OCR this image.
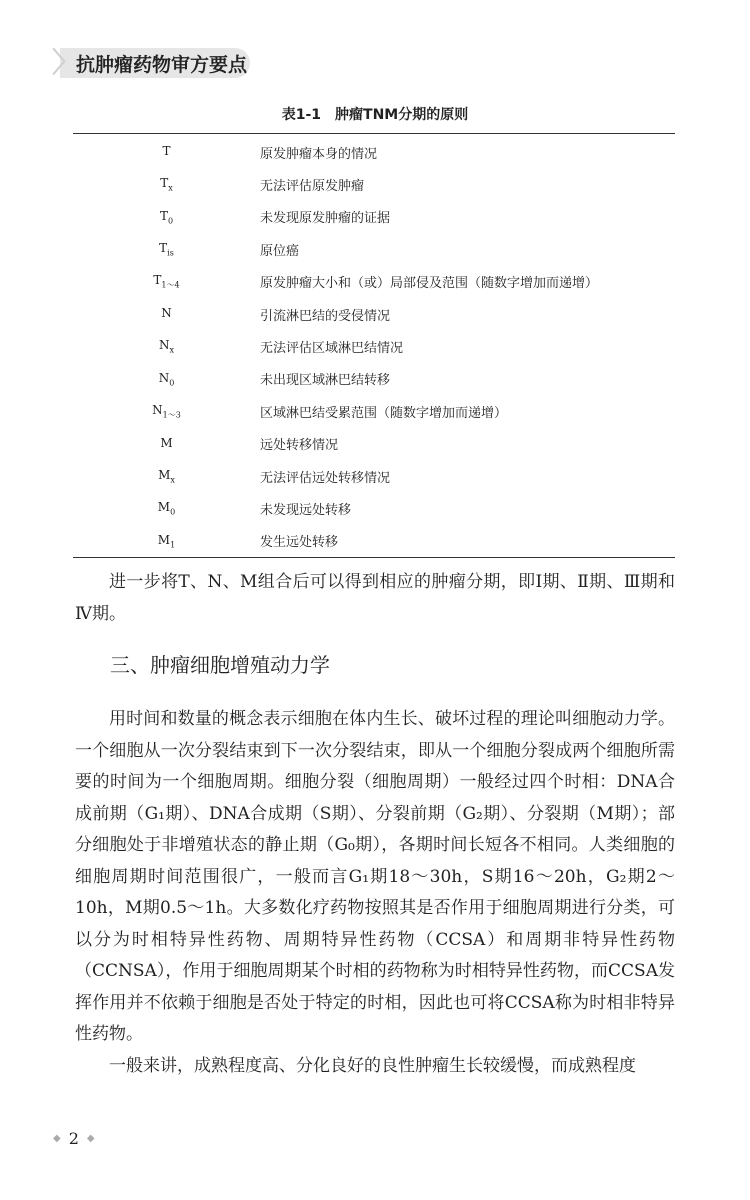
〉
抗肿瘤药物审方要点
表1-1　肿瘤TNM分期的原则
T	原发肿瘤本身的情况
$T_x$	无法评估原发肿瘤
$T_0$	未发现原发肿瘤的证据
$T_{is}$	原位癌
$T_{1\sim 4}$	原发肿瘤大小和（或）局部侵及范围（随数字增加而递增）
N	引流淋巴结的受侵情况
$N_x$	无法评估区域淋巴结情况
$N_0$	未出现区域淋巴结转移
$N_{1\sim 3}$	区域淋巴结受累范围（随数字增加而递增）
M	远处转移情况
$M_x$	无法评估远处转移情况
$M_0$	未发现远处转移
$M_1$	发生远处转移

进一步将T、N、M组合后可以得到相应的肿瘤分期，即Ⅰ期、Ⅱ期、Ⅲ期和Ⅳ期。

三、肿瘤细胞增殖动力学

用时间和数量的概念表示细胞在体内生长、破坏过程的理论叫细胞动力学。一个细胞从一次分裂结束到下一次分裂结束，即从一个细胞分裂成两个细胞所需要的时间为一个细胞周期。细胞分裂（细胞周期）一般经过四个时相：DNA合成前期（G₁期）、DNA合成期（S期）、分裂前期（G₂期）、分裂期（M期）；部分细胞处于非增殖状态的静止期（G₀期），各期时间长短各不相同。人类细胞的细胞周期时间范围很广，一般而言G₁期18～30h，S期16～20h，G₂期2～10h，M期0.5～1h。大多数化疗药物按照其是否作用于细胞周期进行分类，可以分为时相特异性药物、周期特异性药物（CCSA）和周期非特异性药物（CCNSA），作用于细胞周期某个时相的药物称为时相特异性药物，而CCSA发挥作用并不依赖于细胞是否处于特定的时相，因此也可将CCSA称为时相非特异性药物。

一般来讲，成熟程度高、分化良好的良性肿瘤生长较缓慢，而成熟程度

◆ 2 ◆
